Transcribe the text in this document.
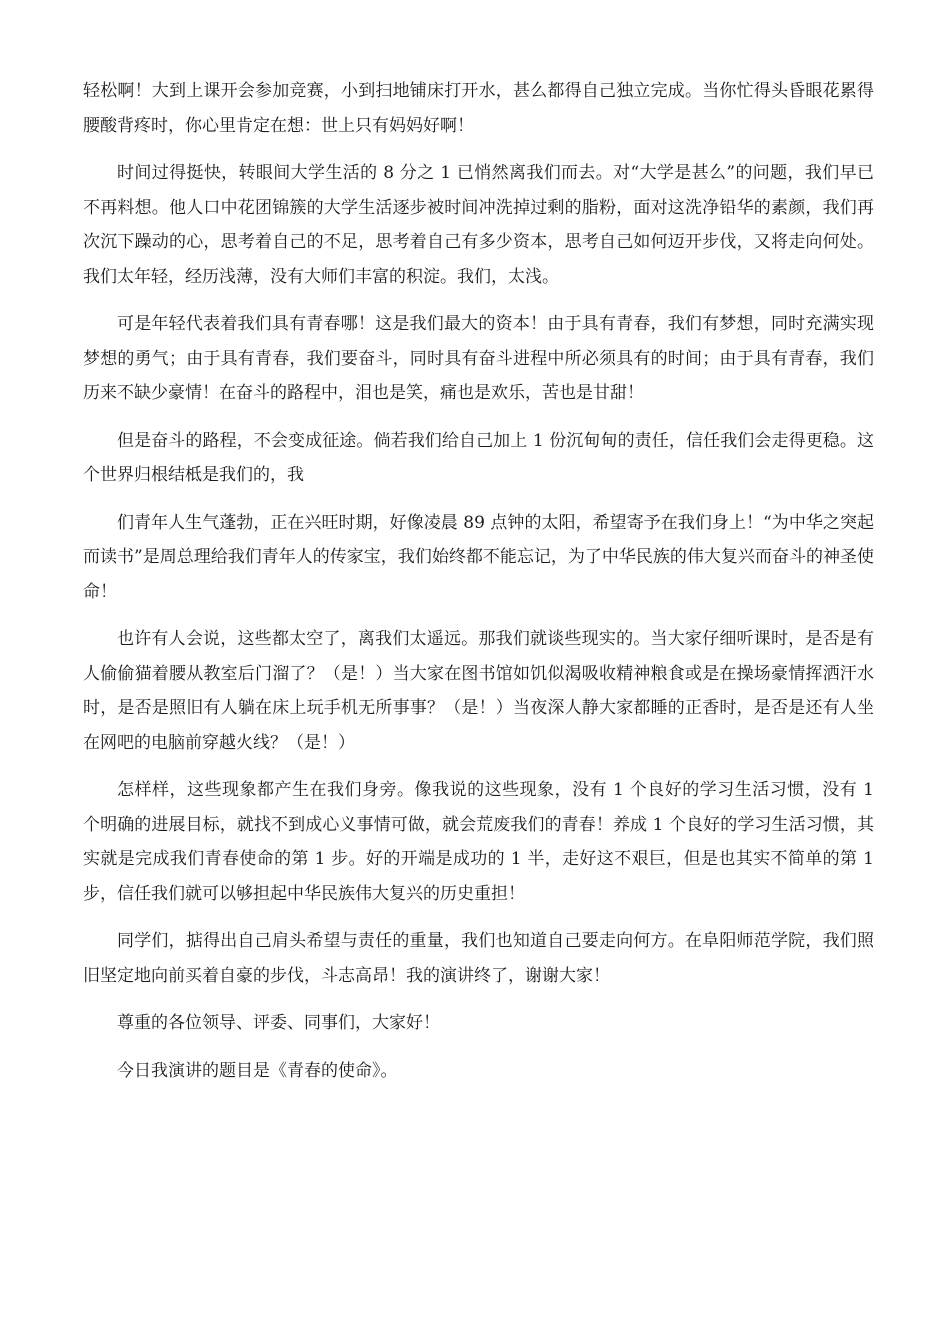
轻松啊！大到上课开会参加竞赛，小到扫地铺床打开水，甚么都得自己独立完成。当你忙得头昏眼花累得腰酸背疼时，你心里肯定在想：世上只有妈妈好啊！

时间过得挺快，转眼间大学生活的 8 分之 1 已悄然离我们而去。对“大学是甚么”的问题，我们早已不再料想。他人口中花团锦簇的大学生活逐步被时间冲洗掉过剩的脂粉，面对这洗净铅华的素颜，我们再次沉下躁动的心，思考着自己的不足，思考着自己有多少资本，思考自己如何迈开步伐，又将走向何处。我们太年轻，经历浅薄，没有大师们丰富的积淀。我们，太浅。

可是年轻代表着我们具有青春哪！这是我们最大的资本！由于具有青春，我们有梦想，同时充满实现梦想的勇气；由于具有青春，我们要奋斗，同时具有奋斗进程中所必须具有的时间；由于具有青春，我们历来不缺少豪情！在奋斗的路程中，泪也是笑，痛也是欢乐，苦也是甘甜！

但是奋斗的路程，不会变成征途。倘若我们给自己加上 1 份沉甸甸的责任，信任我们会走得更稳。这个世界归根结柢是我们的，我

们青年人生气蓬勃，正在兴旺时期，好像凌晨 89 点钟的太阳，希望寄予在我们身上！“为中华之突起而读书”是周总理给我们青年人的传家宝，我们始终都不能忘记，为了中华民族的伟大复兴而奋斗的神圣使命！

也许有人会说，这些都太空了，离我们太遥远。那我们就谈些现实的。当大家仔细听课时，是否是有人偷偷猫着腰从教室后门溜了？（是！）当大家在图书馆如饥似渴吸收精神粮食或是在操场豪情挥洒汗水时，是否是照旧有人躺在床上玩手机无所事事？（是！）当夜深人静大家都睡的正香时，是否是还有人坐在网吧的电脑前穿越火线？（是！）

怎样样，这些现象都产生在我们身旁。像我说的这些现象，没有 1 个良好的学习生活习惯，没有 1 个明确的进展目标，就找不到成心义事情可做，就会荒废我们的青春！养成 1 个良好的学习生活习惯，其实就是完成我们青春使命的第 1 步。好的开端是成功的 1 半，走好这不艰巨，但是也其实不简单的第 1 步，信任我们就可以够担起中华民族伟大复兴的历史重担！

同学们，掂得出自己肩头希望与责任的重量，我们也知道自己要走向何方。在阜阳师范学院，我们照旧坚定地向前买着自豪的步伐，斗志高昂！我的演讲终了，谢谢大家！

尊重的各位领导、评委、同事们，大家好！

今日我演讲的题目是《青春的使命》。
